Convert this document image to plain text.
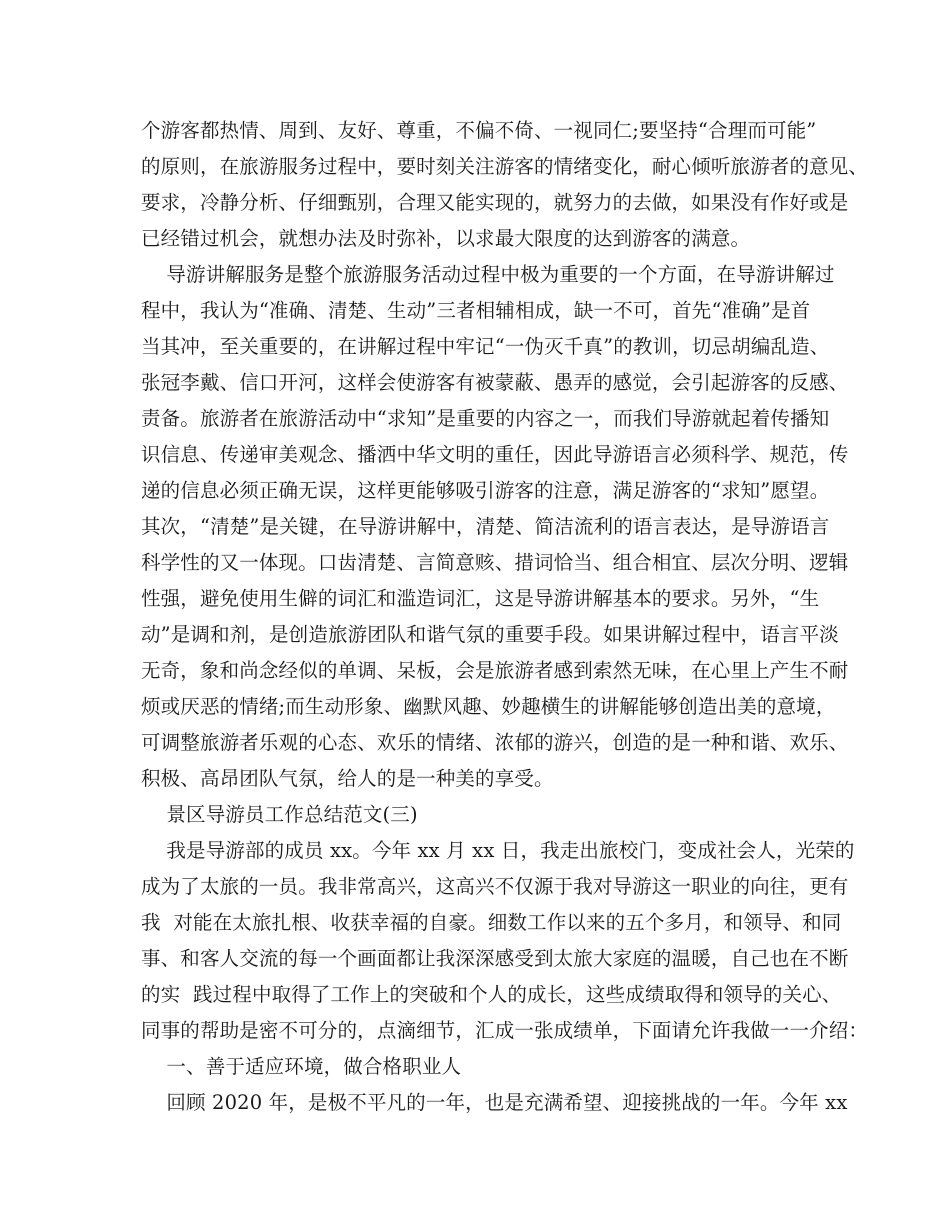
个游客都热情、周到、友好、尊重，不偏不倚、一视同仁;要坚持“合理而可能”
的原则，在旅游服务过程中，要时刻关注游客的情绪变化，耐心倾听旅游者的意见、
要求，冷静分析、仔细甄别，合理又能实现的，就努力的去做，如果没有作好或是
已经错过机会，就想办法及时弥补，以求最大限度的达到游客的满意。
导游讲解服务是整个旅游服务活动过程中极为重要的一个方面，在导游讲解过
程中，我认为“准确、清楚、生动”三者相辅相成，缺一不可，首先“准确”是首
当其冲，至关重要的，在讲解过程中牢记“一伪灭千真”的教训，切忌胡编乱造、
张冠李戴、信口开河，这样会使游客有被蒙蔽、愚弄的感觉，会引起游客的反感、
责备。旅游者在旅游活动中“求知”是重要的内容之一，而我们导游就起着传播知
识信息、传递审美观念、播洒中华文明的重任，因此导游语言必须科学、规范，传
递的信息必须正确无误，这样更能够吸引游客的注意，满足游客的“求知”愿望。
其次，“清楚”是关键，在导游讲解中，清楚、简洁流利的语言表达，是导游语言
科学性的又一体现。口齿清楚、言简意赅、措词恰当、组合相宜、层次分明、逻辑
性强，避免使用生僻的词汇和滥造词汇，这是导游讲解基本的要求。另外，“生
动”是调和剂，是创造旅游团队和谐气氛的重要手段。如果讲解过程中，语言平淡
无奇，象和尚念经似的单调、呆板，会是旅游者感到索然无味，在心里上产生不耐
烦或厌恶的情绪;而生动形象、幽默风趣、妙趣横生的讲解能够创造出美的意境，
可调整旅游者乐观的心态、欢乐的情绪、浓郁的游兴，创造的是一种和谐、欢乐、
积极、高昂团队气氛，给人的是一种美的享受。
景区导游员工作总结范文(三)
我是导游部的成员 xx。今年 xx 月 xx 日，我走出旅校门，变成社会人，光荣的
成为了太旅的一员。我非常高兴，这高兴不仅源于我对导游这一职业的向往，更有
我  对能在太旅扎根、收获幸福的自豪。细数工作以来的五个多月，和领导、和同
事、和客人交流的每一个画面都让我深深感受到太旅大家庭的温暖，自己也在不断
的实  践过程中取得了工作上的突破和个人的成长，这些成绩取得和领导的关心、
同事的帮助是密不可分的，点滴细节，汇成一张成绩单，下面请允许我做一一介绍：
一、善于适应环境，做合格职业人
回顾 2020 年，是极不平凡的一年，也是充满希望、迎接挑战的一年。今年 xx
